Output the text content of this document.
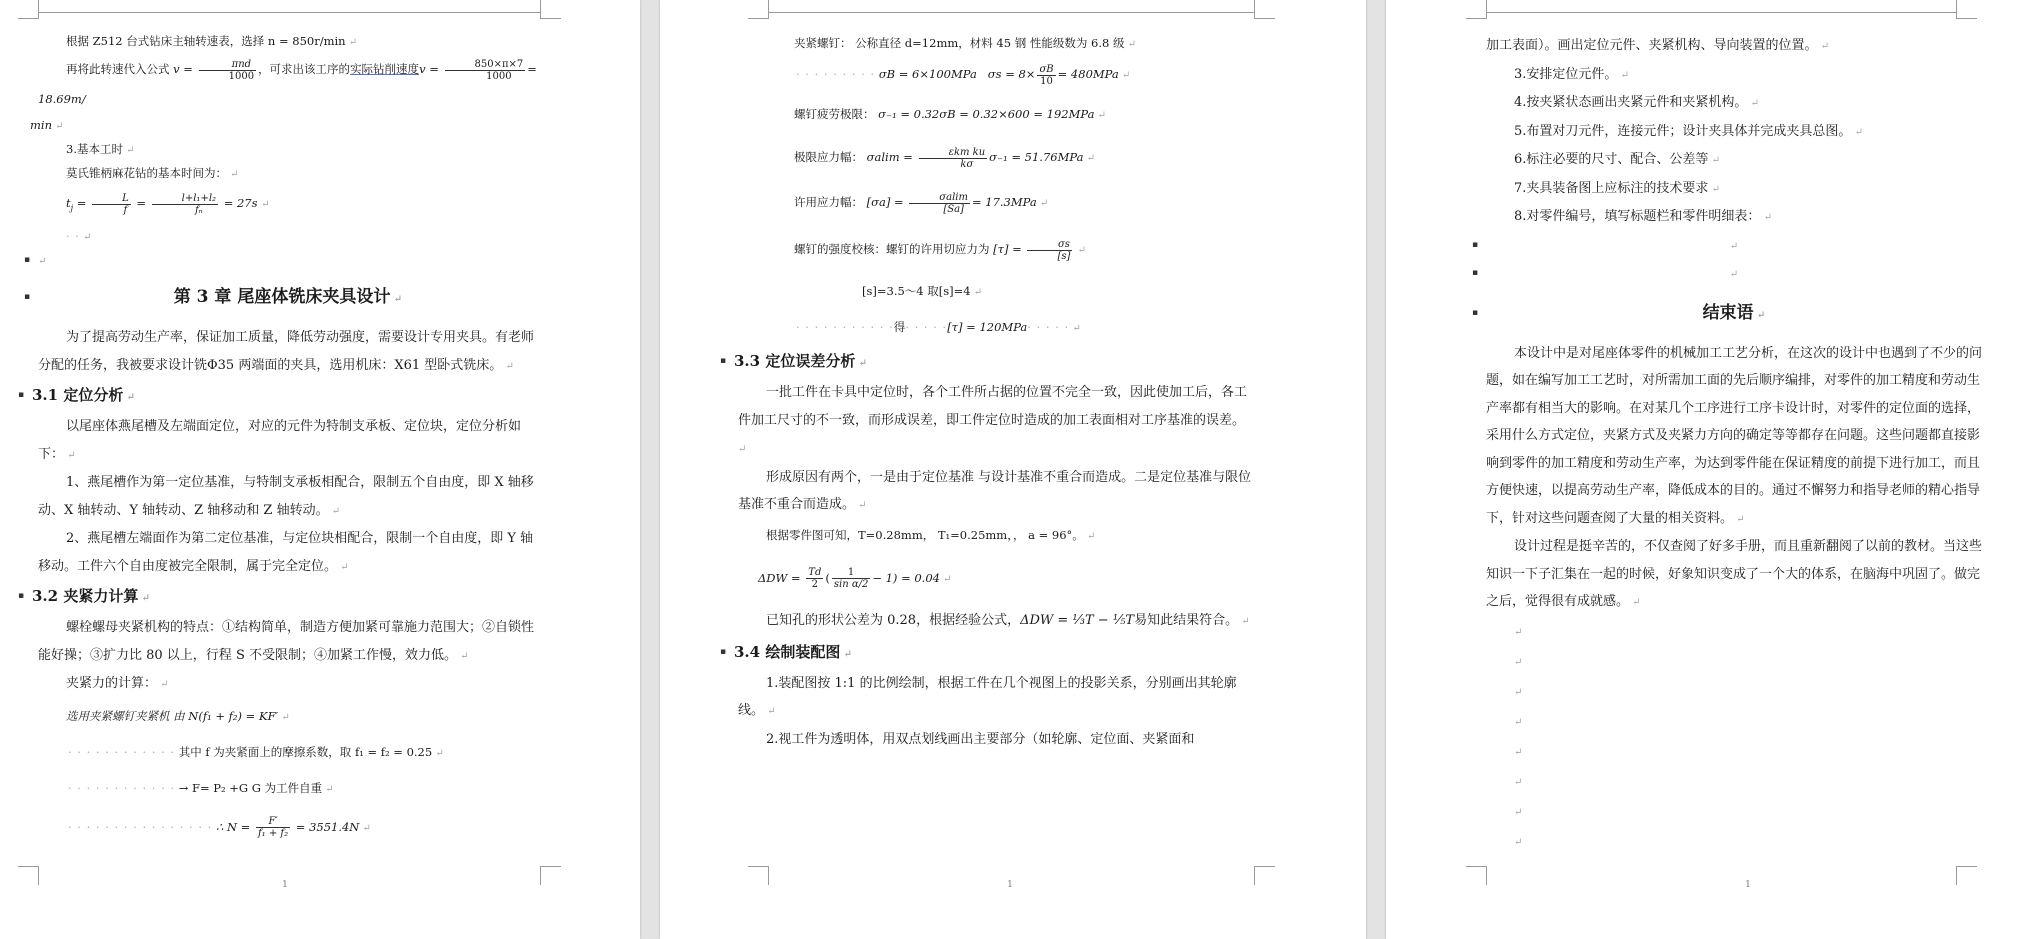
1

根据 Z512 台式钻床主轴转速表，选择 n = 850r/min ↵

再将此转速代入公式 $v = \frac{\text{πnd}}{1000}$ ，可求出该工序的实际钻削速度$v = \frac{850\times\pi\times 7}{1000} = 18.69m/$

min ↵

3.基本工时 ↵

莫氏锥柄麻花钻的基本时间为： ↵

$t_j = \frac{L}{f} = \frac{\text{l+l₁+l₂}}{\text{fₙ}} = 27s$ ↵

· · ↵

▪ ↵

▪ 第 3 章 尾座体铣床夹具设计 ↵

为了提高劳动生产率，保证加工质量，降低劳动强度，需要设计专用夹具。有老师分配的任务，我被要求设计铣Φ35 两端面的夹具，选用机床：X61 型卧式铣床。 ↵

▪ 3.1 定位分析 ↵

以尾座体燕尾槽及左端面定位，对应的元件为特制支承板、定位块，定位分析如下： ↵

1、燕尾槽作为第一定位基准，与特制支承板相配合，限制五个自由度，即 X 轴移动、X 轴转动、Y 轴转动、Z 轴移动和 Z 轴转动。 ↵

2、燕尾槽左端面作为第二定位基准，与定位块相配合，限制一个自由度，即 Y 轴移动。工件六个自由度被完全限制，属于完全定位。 ↵

▪ 3.2 夹紧力计算 ↵

螺栓螺母夹紧机构的特点：①结构简单，制造方便加紧可靠施力范围大；②自锁性能好操；③扩力比 80 以上，行程 S 不受限制；④加紧工作慢，效力低。 ↵

夹紧力的计算： ↵

选用夹紧螺钉夹紧机 由 N(f₁ + f₂) = KF′ ↵

· · · · · · · · · · · · 其中 f 为夹紧面上的摩擦系数，取 f₁ = f₂ = 0.25 ↵

· · · · · · · · · · · · → F= P₂ +G G 为工件自重 ↵

· · · · · · · · · · · · · · · · ∴ $N = \frac{F'}{\text{f₁ + f₂}} = 3551.4N$ ↵

1

夹紧螺钉： 公称直径 d=12mm，材料 45 钢 性能级数为 6.8 级 ↵

· · · · · · · · · σB = 6×100MPa $\sigma s = 8\times \frac{\sigma B}{10} = 480MPa$ ↵

螺钉疲劳极限： σ₋₁ = 0.32σB = 0.32×600 = 192MPa ↵

极限应力幅： $\sigma alim = \frac{\text{εkm ku}}{k\sigma} \sigma_{-1} = 51.76MPa$ ↵

许用应力幅： $[\sigma a] = \frac{\sigma alim}{[Sa]} = 17.3MPa$ ↵

螺钉的强度校核：螺钉的许用切应力为 $[\tau] = \frac{\sigma s}{[s]}$
↵

[s]=3.5～4 取[s]=4 ↵

· · · · · · · · · · ·得· · · · ·[τ] = 120MPa· · · · · ↵

▪ 3.3 定位误差分析 ↵

一批工件在卡具中定位时，各个工件所占据的位置不完全一致，因此使加工后，各工件加工尺寸的不一致，而形成误差，即工件定位时造成的加工表面相对工序基准的误差。 ↵

形成原因有两个，一是由于定位基准 与设计基准不重合而造成。二是定位基准与限位基准不重合而造成。 ↵

根据零件图可知，T=0.28mm， T₁=0.25mm，， a = 96°。 ↵

$\Delta DW = \frac{Td}{2}$ ( $\frac{1}{\text{sin α/2}} - 1) = 0.04$ ↵

已知孔的形状公差为 0.28，根据经验公式，ΔDW = ⅓T − ⅕T易知此结果符合。 ↵

▪ 3.4 绘制装配图 ↵

1.装配图按 1:1 的比例绘制，根据工件在几个视图上的投影关系，分别画出其轮廓线。 ↵

2.视工件为透明体，用双点划线画出主要部分（如轮廓、定位面、夹紧面和

1

加工表面）。画出定位元件、夹紧机构、导向装置的位置。 ↵

3.安排定位元件。 ↵

4.按夹紧状态画出夹紧元件和夹紧机构。 ↵

5.布置对刀元件，连接元件；设计夹具体并完成夹具总图。 ↵

6.标注必要的尺寸、配合、公差等 ↵

7.夹具装备图上应标注的技术要求 ↵

8.对零件编号，填写标题栏和零件明细表： ↵

▪ ↵

▪ ↵

▪ 结束语 ↵

本设计中是对尾座体零件的机械加工工艺分析，在这次的设计中也遇到了不少的问题，如在编写加工工艺时，对所需加工面的先后顺序编排，对零件的加工精度和劳动生产率都有相当大的影响。在对某几个工序进行工序卡设计时，对零件的定位面的选择，采用什么方式定位，夹紧方式及夹紧力方向的确定等等都存在问题。这些问题都直接影响到零件的加工精度和劳动生产率，为达到零件能在保证精度的前提下进行加工，而且方便快速，以提高劳动生产率，降低成本的目的。通过不懈努力和指导老师的精心指导下，针对这些问题查阅了大量的相关资料。 ↵

设计过程是挺辛苦的，不仅查阅了好多手册，而且重新翻阅了以前的教材。当这些知识一下子汇集在一起的时候，好象知识变成了一个大的体系，在脑海中巩固了。做完之后，觉得很有成就感。 ↵

↵

↵

↵

↵

↵

↵

↵

↵
